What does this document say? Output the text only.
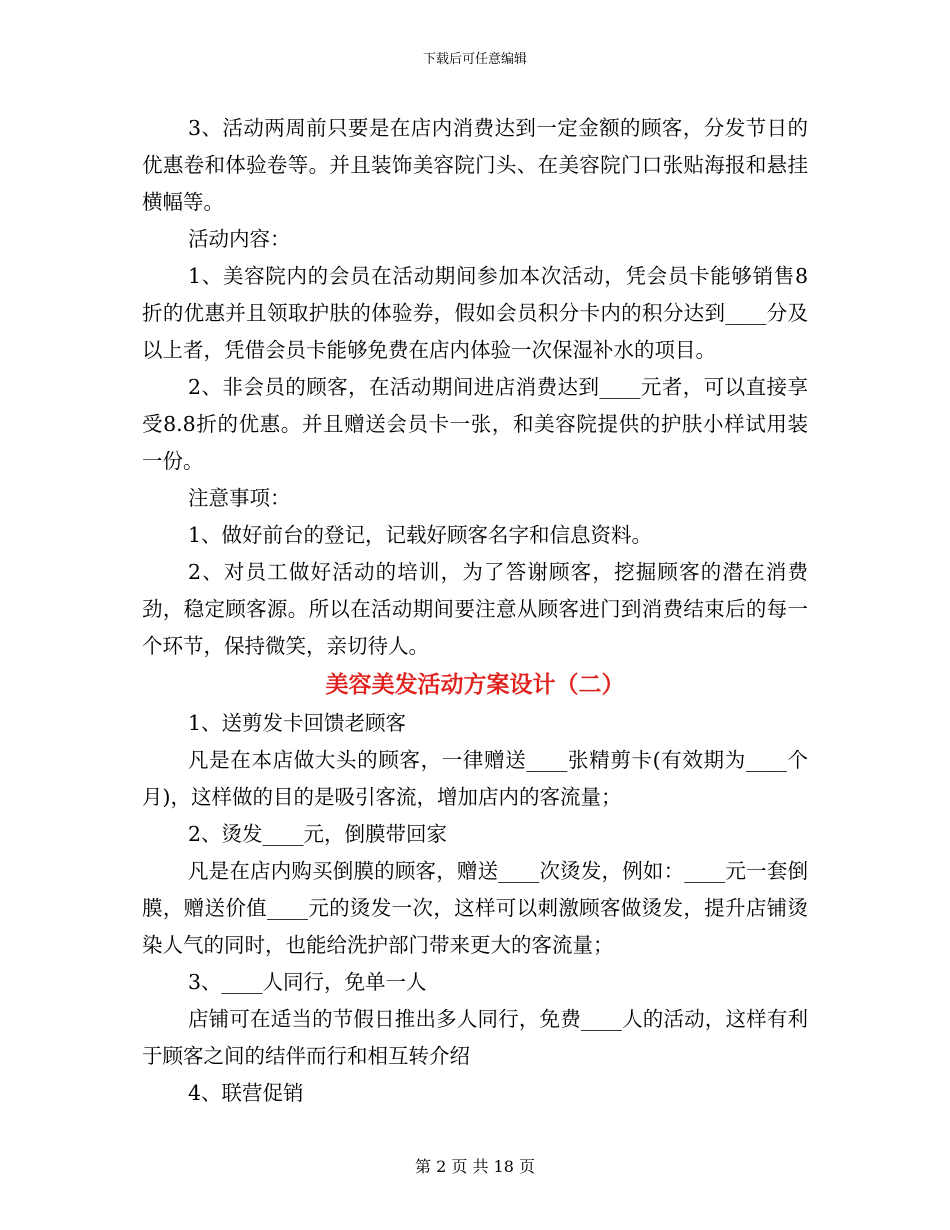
下载后可任意编辑

3、活动两周前只要是在店内消费达到一定金额的顾客，分发节日的优惠卷和体验卷等。并且装饰美容院门头、在美容院门口张贴海报和悬挂横幅等。

活动内容：

1、美容院内的会员在活动期间参加本次活动，凭会员卡能够销售8折的优惠并且领取护肤的体验券，假如会员积分卡内的积分达到____分及以上者，凭借会员卡能够免费在店内体验一次保湿补水的项目。

2、非会员的顾客，在活动期间进店消费达到____元者，可以直接享受8.8折的优惠。并且赠送会员卡一张，和美容院提供的护肤小样试用装一份。

注意事项：

1、做好前台的登记，记载好顾客名字和信息资料。

2、对员工做好活动的培训，为了答谢顾客，挖掘顾客的潜在消费劲，稳定顾客源。所以在活动期间要注意从顾客进门到消费结束后的每一个环节，保持微笑，亲切待人。

美容美发活动方案设计（二）

1、送剪发卡回馈老顾客

凡是在本店做大头的顾客，一律赠送____张精剪卡(有效期为____个月)，这样做的目的是吸引客流，增加店内的客流量；

2、烫发____元，倒膜带回家

凡是在店内购买倒膜的顾客，赠送____次烫发，例如：____元一套倒膜，赠送价值____元的烫发一次，这样可以刺激顾客做烫发，提升店铺烫染人气的同时，也能给洗护部门带来更大的客流量；

3、____人同行，免单一人

店铺可在适当的节假日推出多人同行，免费____人的活动，这样有利于顾客之间的结伴而行和相互转介绍

4、联营促销

第 2 页 共 18 页
